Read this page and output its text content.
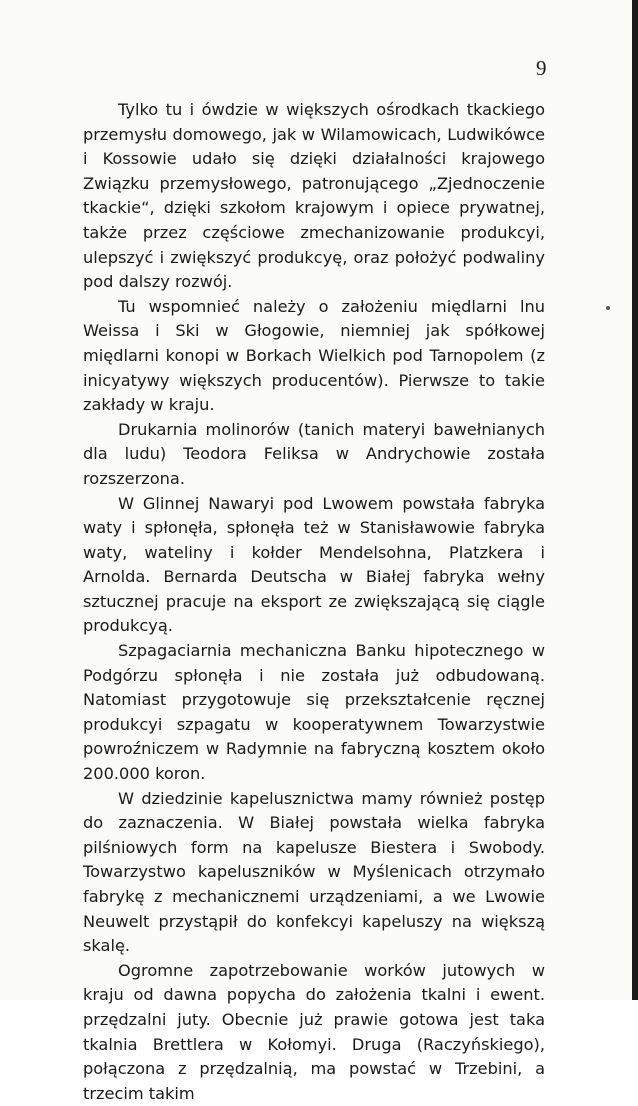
9

Tylko tu i ówdzie w większych ośrodkach tkackiego przemysłu domowego, jak w Wilamowicach, Ludwikówce i Kossowie udało się dzięki działalności krajowego Związku przemysłowego, patronującego „Zjednoczenie tkackie“, dzięki szkołom krajowym i opiece prywatnej, także przez częściowe zmechanizowanie produkcyi, ulepszyć i zwiększyć produkcyę, oraz położyć podwaliny pod dalszy rozwój.

Tu wspomnieć należy o założeniu międlarni lnu Weissa i Ski w Głogowie, niemniej jak spółkowej międlarni konopi w Borkach Wielkich pod Tarnopolem (z inicyatywy większych producentów). Pierwsze to takie zakłady w kraju.

Drukarnia molinorów (tanich materyi bawełnianych dla ludu) Teodora Feliksa w Andrychowie została rozszerzona.

W Glinnej Nawaryi pod Lwowem powstała fabryka waty i spłonęła, spłonęła też w Stanisławowie fabryka waty, wateliny i kołder Mendelsohna, Platzkera i Arnolda. Bernarda Deutscha w Białej fabryka wełny sztucznej pracuje na eksport ze zwiększającą się ciągle produkcyą.

Szpagaciarnia mechaniczna Banku hipotecznego w Podgórzu spłonęła i nie została już odbudowaną. Natomiast przygotowuje się przekształcenie ręcznej produkcyi szpagatu w kooperatywnem Towarzystwie powroźniczem w Radymnie na fabryczną kosztem około 200.000 koron.

W dziedzinie kapelusznictwa mamy również postęp do zaznaczenia. W Białej powstała wielka fabryka pilśniowych form na kapelusze Biestera i Swobody. Towarzystwo kapeluszników w Myślenicach otrzymało fabrykę z mechanicznemi urządzeniami, a we Lwowie Neuwelt przystąpił do konfekcyi kapeluszy na większą skalę.

Ogromne zapotrzebowanie worków jutowych w kraju od dawna popycha do założenia tkalni i ewent. przędzalni juty. Obecnie już prawie gotowa jest taka tkalnia Brettlera w Kołomyi. Druga (Raczyńskiego), połączona z przędzalnią, ma powstać w Trzebini, a trzecim takim
